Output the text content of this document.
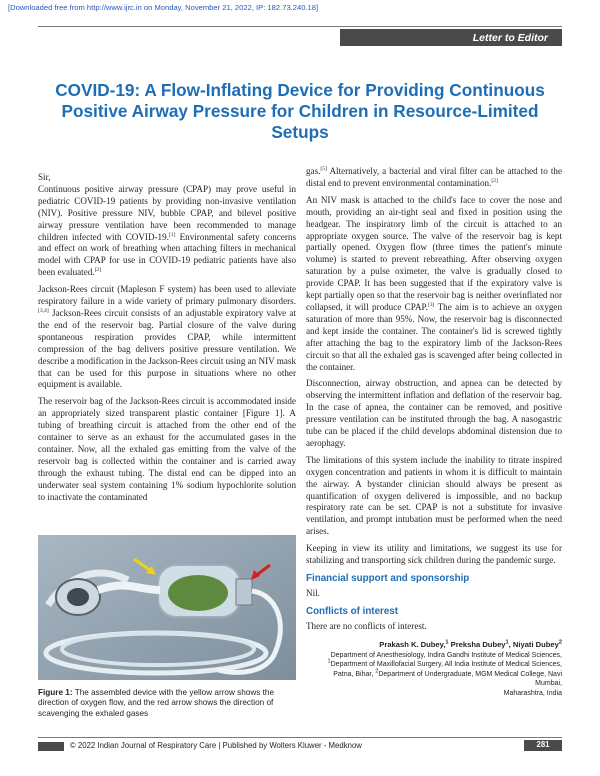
[Downloaded free from http://www.ijrc.in on Monday, November 21, 2022, IP: 182.73.240.18]
Letter to Editor
COVID-19: A Flow-Inflating Device for Providing Continuous Positive Airway Pressure for Children in Resource-Limited Setups

Sir,

Continuous positive airway pressure (CPAP) may prove useful in pediatric COVID-19 patients by providing non-invasive ventilation (NIV). Positive pressure NIV, bubble CPAP, and bilevel positive airway pressure ventilation have been recommended to manage children infected with COVID-19.[1] Environmental safety concerns and effect on work of breathing when attaching filters in mechanical model with CPAP for use in COVID-19 pediatric patients have also been evaluated.[2]

Jackson-Rees circuit (Mapleson F system) has been used to alleviate respiratory failure in a wide variety of primary pulmonary disorders.[3,4] Jackson-Rees circuit consists of an adjustable expiratory valve at the end of the reservoir bag. Partial closure of the valve during spontaneous respiration provides CPAP, while intermittent compression of the bag delivers positive pressure ventilation. We describe a modification in the Jackson-Rees circuit using an NIV mask that can be used for this purpose in situations where no other equipment is available.

The reservoir bag of the Jackson-Rees circuit is accommodated inside an appropriately sized transparent plastic container [Figure 1]. A tubing of breathing circuit is attached from the other end of the container to serve as an exhaust for the accumulated gases in the container. Now, all the exhaled gas emitting from the valve of the reservoir bag is collected within the container and is carried away through the exhaust tubing. The distal end can be dipped into an underwater seal system containing 1% sodium hypochlorite solution to inactivate the contaminated

Figure 1: The assembled device with the yellow arrow shows the direction of oxygen flow, and the red arrow shows the direction of scavenging the exhaled gases

gas.[5] Alternatively, a bacterial and viral filter can be attached to the distal end to prevent environmental contamination.[2]

An NIV mask is attached to the child's face to cover the nose and mouth, providing an air-tight seal and fixed in position using the headgear. The inspiratory limb of the circuit is attached to an appropriate oxygen source. The valve of the reservoir bag is kept partially opened. Oxygen flow (three times the patient's minute volume) is started to prevent rebreathing. After observing oxygen saturation by a pulse oximeter, the valve is gradually closed to provide CPAP. It has been suggested that if the expiratory valve is kept partially open so that the reservoir bag is neither overinflated nor collapsed, it will produce CPAP.[3] The aim is to achieve an oxygen saturation of more than 95%. Now, the reservoir bag is disconnected and kept inside the container. The container's lid is screwed tightly after attaching the bag to the expiratory limb of the Jackson-Rees circuit so that all the exhaled gas is scavenged after being collected in the container.

Disconnection, airway obstruction, and apnea can be detected by observing the intermittent inflation and deflation of the reservoir bag. In the case of apnea, the container can be removed, and positive pressure ventilation can be instituted through the bag. A nasogastric tube can be placed if the child develops abdominal distension due to aerophagy.

The limitations of this system include the inability to titrate inspired oxygen concentration and patients in whom it is difficult to maintain the airway. A bystander clinician should always be present as quantification of oxygen delivered is impossible, and no backup respiratory rate can be set. CPAP is not a substitute for invasive ventilation, and prompt intubation must be performed when the need arises.

Keeping in view its utility and limitations, we suggest its use for stabilizing and transporting sick children during the pandemic surge.

Financial support and sponsorship

Nil.

Conflicts of interest

There are no conflicts of interest.

Prakash K. Dubey,$^1$ Preksha Dubey$^1$, Niyati Dubey$^2$
Department of Anesthesiology, Indira Gandhi Institute of Medical Sciences,
$^1$Department of Maxillofacial Surgery, All India Institute of Medical Sciences,
Patna, Bihar, $^2$Department of Undergraduate, MGM Medical College, Navi Mumbai,
Maharashtra, India
© 2022 Indian Journal of Respiratory Care | Published by Wolters Kluwer - Medknow	281
